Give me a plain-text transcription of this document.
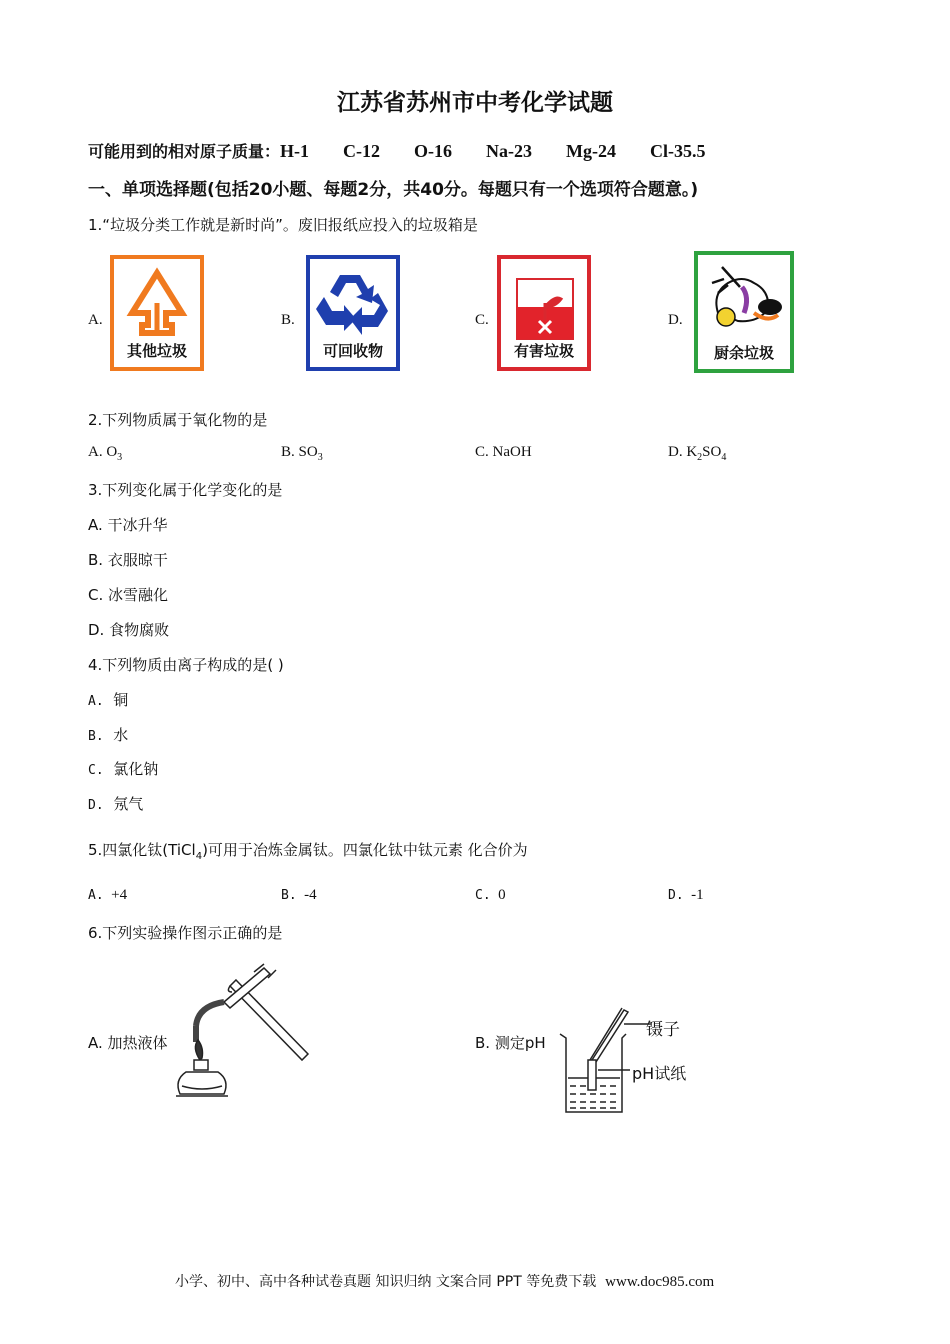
江苏省苏州市中考化学试题
可能用到的相对原子质量：H-1 C-12 O-16 Na-23 Mg-24 Cl-35.5
一、单项选择题(包括20小题、每题2分，共40分。每题只有一个选项符合题意。)
1.“垃圾分类工作就是新时尚”。废旧报纸应投入的垃圾箱是
A.
其他垃圾
B.
可回收物
C.
有害垃圾
D.
厨余垃圾
2.下列物质属于氧化物的是
A. $O_3$	B. $SO_3$	C. NaOH	D. $K_2SO_4$
3.下列变化属于化学变化的是
A. 干冰升华
B. 衣服晾干
C. 冰雪融化
D. 食物腐败
4.下列物质由离子构成的是( )
A. 铜
B. 水
C. 氯化钠
D. 氖气
5.四氯化钛(TiCl$_4$)可用于冶炼金属钛。四氯化钛中钛元素 化合价为
A. +4	B. -4	C. 0	D. -1
6.下列实验操作图示正确的是
A. 加热液体	B. 测定pH
镊子
pH试纸
小学、初中、高中各种试卷真题 知识归纳 文案合同 PPT 等免费下载 www.doc985.com
